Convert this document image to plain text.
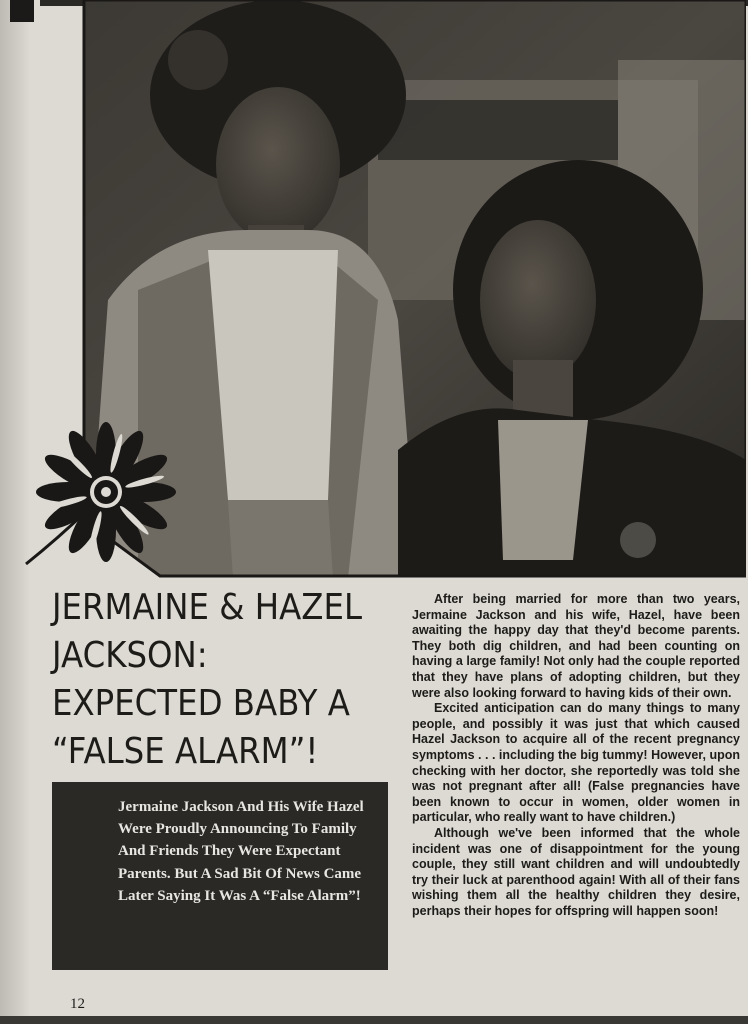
JERMAINE & HAZEL JACKSON: EXPECTED BABY A “FALSE ALARM”!

Jermaine Jackson And His Wife Hazel Were Proudly Announcing To Family And Friends They Were Expectant Parents. But A Sad Bit Of News Came Later Saying It Was A “False Alarm”!

After being married for more than two years, Jermaine Jackson and his wife, Hazel, have been awaiting the happy day that they'd become parents. They both dig children, and had been counting on having a large family! Not only had the couple reported that they have plans of adopting children, but they were also looking forward to having kids of their own.

Excited anticipation can do many things to many people, and possibly it was just that which caused Hazel Jackson to acquire all of the recent pregnancy symptoms . . . including the big tummy! However, upon checking with her doctor, she reportedly was told she was not pregnant after all! (False pregnancies have been known to occur in women, older women in particular, who really want to have children.)

Although we've been informed that the whole incident was one of disappointment for the young couple, they still want children and will undoubtedly try their luck at parenthood again! With all of their fans wishing them all the healthy children they desire, perhaps their hopes for offspring will happen soon!

12
